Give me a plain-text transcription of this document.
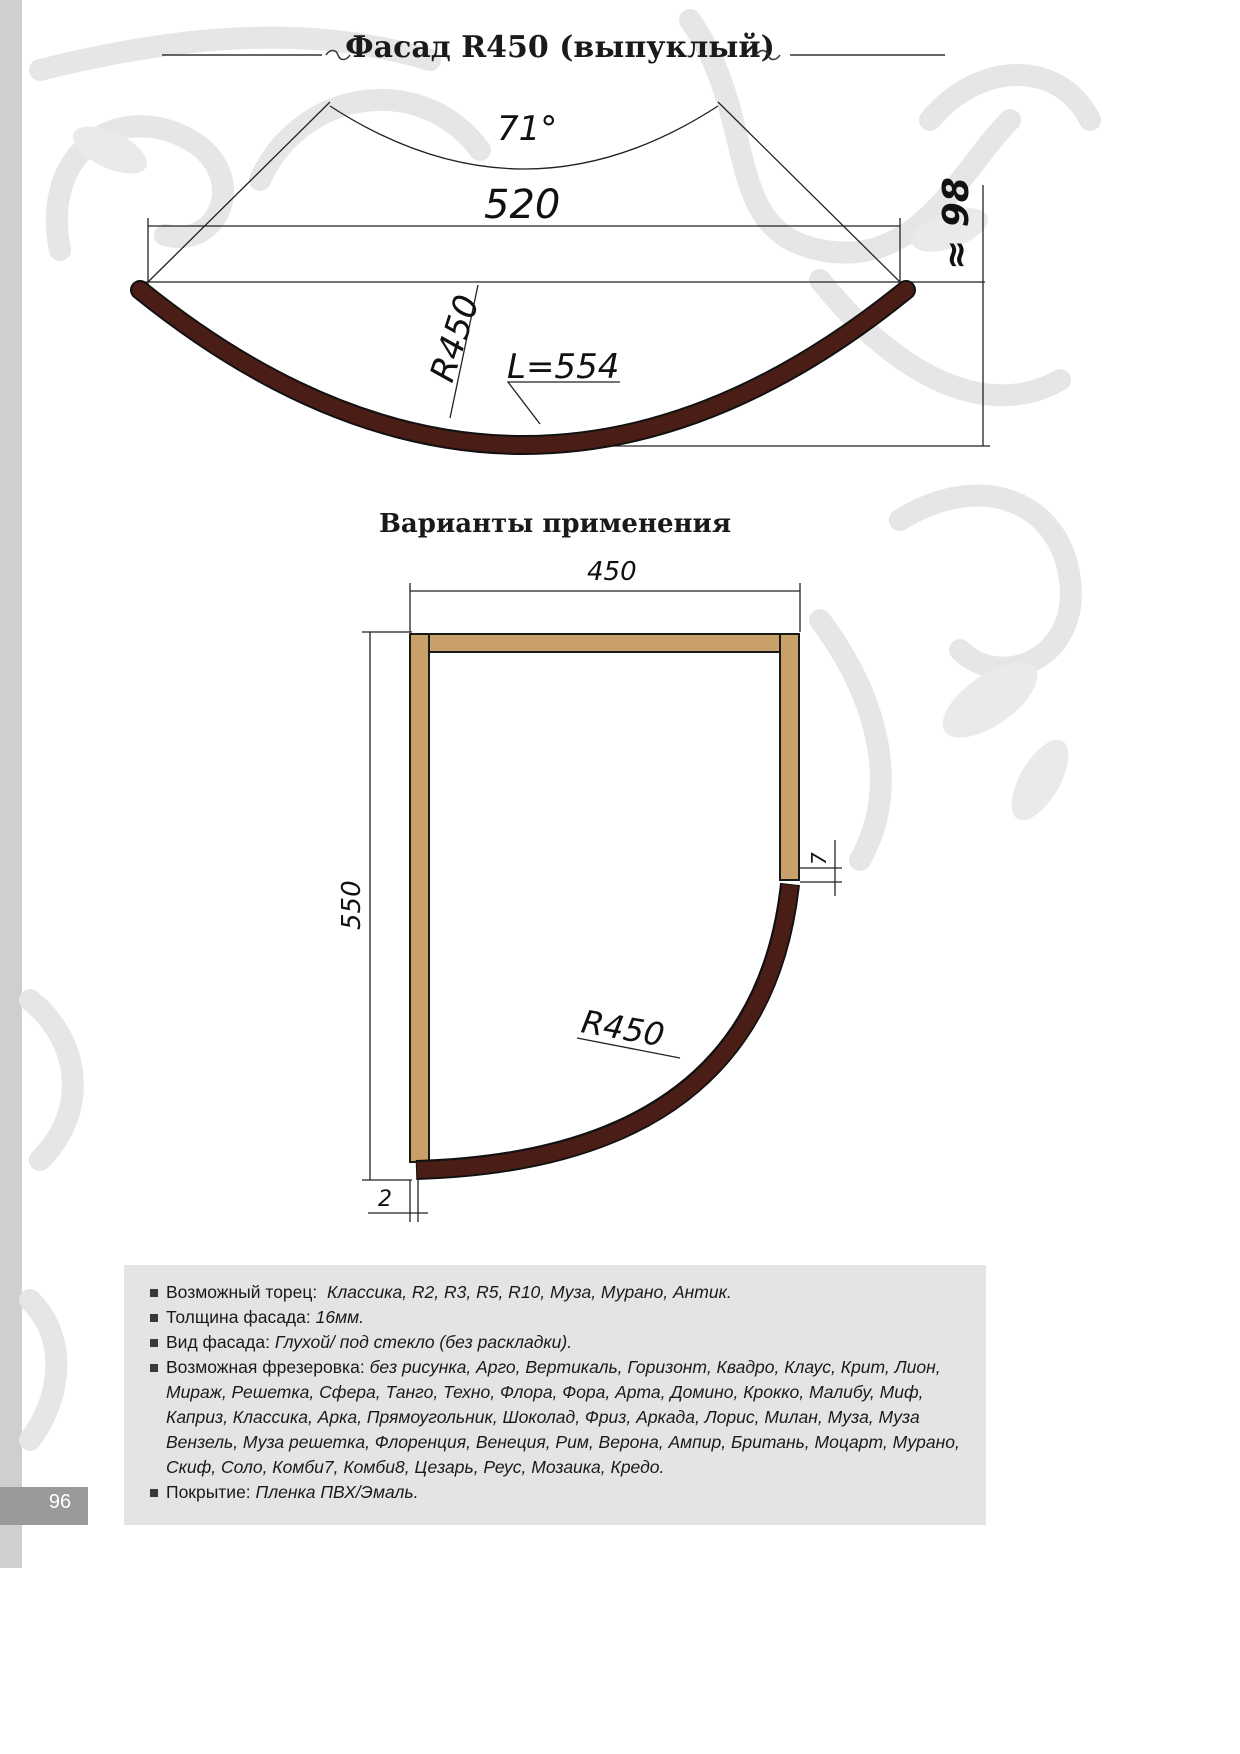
Фасад R450 (выпуклый)
71°
520	≈ 98
R450 L=554
Варианты применения
450
550
7
2
R450
Возможный торец: Классика, R2, R3, R5, R10, Муза, Мурано, Антик.
Толщина фасада: 16мм.
Вид фасада: Глухой/ под стекло (без раскладки).
Возможная фрезеровка: без рисунка, Арго, Вертикаль, Горизонт, Квадро, Клаус, Крит, Лион, Мираж, Решетка, Сфера, Танго, Техно, Флора, Фора, Арта, Домино, Крокко, Малибу, Миф, Каприз, Классика, Арка, Прямоугольник, Шоколад, Фриз, Аркада, Лорис, Милан, Муза, Муза Вензель, Муза решетка, Флоренция, Венеция, Рим, Верона, Ампир, Британь, Моцарт, Мурано, Скиф, Соло, Комби7, Комби8, Цезарь, Реус, Мозаика, Кредо.
Покрытие: Пленка ПВХ/Эмаль.
96
